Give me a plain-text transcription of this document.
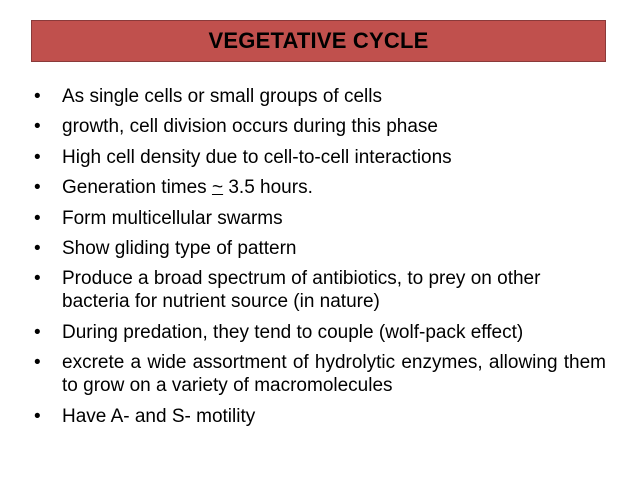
VEGETATIVE CYCLE
• As single cells or small groups of cells
• growth, cell division occurs during this phase
• High cell density due to cell-to-cell interactions
• Generation times ~ 3.5 hours.
• Form multicellular swarms
• Show gliding type of pattern
• Produce a broad spectrum of antibiotics, to prey on other bacteria for nutrient source (in nature)
• During predation, they tend to couple (wolf-pack effect)
• excrete a wide assortment of hydrolytic enzymes, allowing them to grow on a variety of macromolecules
• Have A- and S- motility
